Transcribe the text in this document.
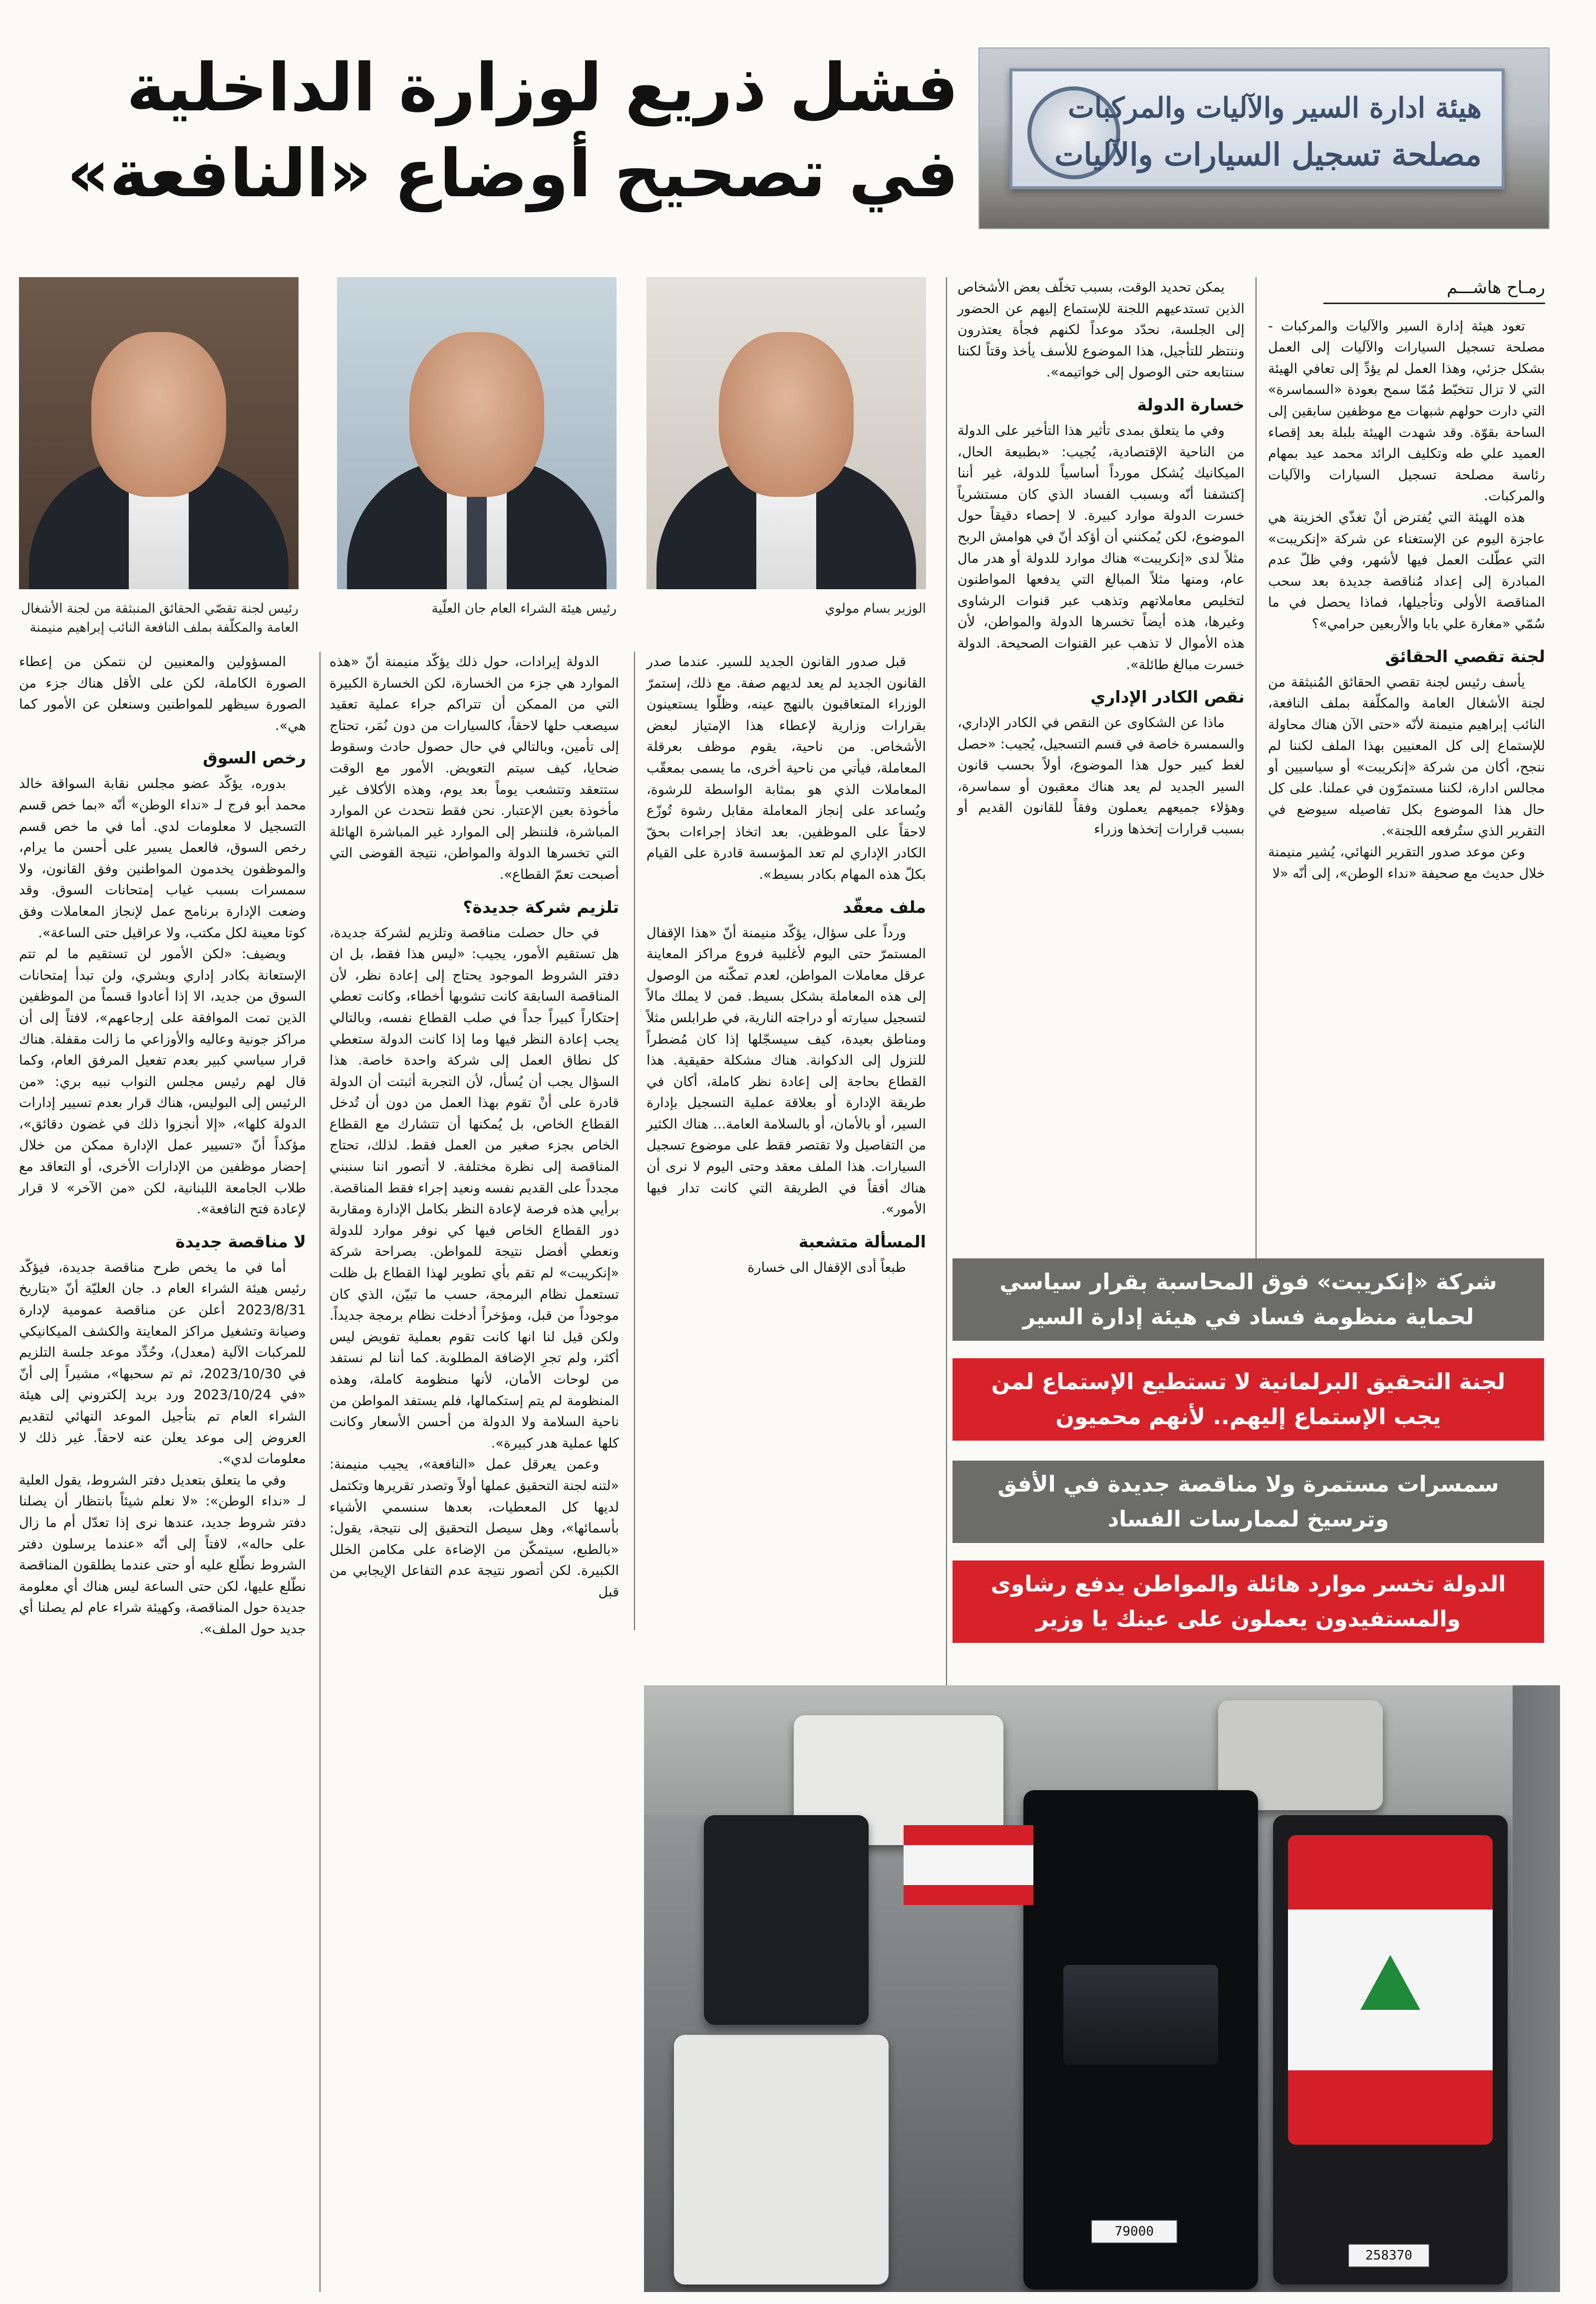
فشل ذريع لوزارة الداخلية
في تصحيح أوضاع «النافعة»
هيئة ادارة السير والآليات والمركبات
مصلحة تسجيل السيارات والآليات
رمـاح هاشـــم

تعود هيئة إدارة السير والآليات والمركبات - مصلحة تسجيل السيارات والآليات إلى العمل بشكل جزئي، وهذا العمل لم يؤدِّ إلى تعافي الهيئة التي لا تزال تتخبّط مُمّا سمح بعودة «السماسرة» التي دارت حولهم شبهات مع موظفين سابقين إلى الساحة بقوّة. وقد شهدت الهيئة بلبلة بعد إقصاء العميد علي طه وتكليف الرائد محمد عيد بمهام رئاسة مصلحة تسجيل السيارات والآليات والمركبات.

هذه الهيئة التي يُفترض أنْ تغذّي الخزينة هي عاجزة اليوم عن الإستغناء عن شركة «إنكريبت» التي عطّلت العمل فيها لأشهر، وفي ظلّ عدم المبادرة إلى إعداد مُناقصة جديدة بعد سحب المناقصة الأولى وتأجيلها، فماذا يحصل في ما سُمّي «مغارة علي بابا والأربعين حرامي»؟

لجنة تقصي الحقائق

يأسف رئيس لجنة تقصي الحقائق المُنبثقة من لجنة الأشغال العامة والمكلّفة بملف النافعة، النائب إبراهيم منيمنة لأنّه «حتى الآن هناك محاولة للإستماع إلى كل المعنيين بهذا الملف لكننا لم ننجح، أكان من شركة «إنكريبت» أو سياسيين أو مجالس ادارة، لكننا مستمرّون في عملنا. على كل حال هذا الموضوع بكل تفاصيله سيوضع في التقرير الذي ستُرفعه اللجنة».

وعن موعد صدور التقرير النهائي، يُشير منيمنة خلال حديث مع صحيفة «نداء الوطن»، إلى أنّه «لا

يمكن تحديد الوقت، بسبب تخلّف بعض الأشخاص الذين تستدعيهم اللجنة للإستماع إليهم عن الحضور إلى الجلسة، نحدّد موعداً لكنهم فجأة يعتذرون وننتظر للتأجيل، هذا الموضوع للأسف يأخذ وقتاً لكننا سنتابعه حتى الوصول إلى خواتيمه».

خسارة الدولة

وفي ما يتعلق بمدى تأثير هذا التأخير على الدولة من الناحية الإقتصادية، يُجيب: «بطبيعة الحال، الميكانيك يُشكل مورداً أساسياً للدولة، غير أننا إكتشفنا أنّه وبسبب الفساد الذي كان مستشرياً خسرت الدولة موارد كبيرة. لا إحصاء دقيقاً حول الموضوع، لكن يُمكنني أن أؤكد أنّ في هوامش الربح مثلاً لدى «إنكريبت» هناك موارد للدولة أو هدر مال عام، ومنها مثلاً المبالغ التي يدفعها المواطنون لتخليص معاملاتهم وتذهب عبر قنوات الرشاوى وغيرها، هذه أيضاً تخسرها الدولة والمواطن، لأن هذه الأموال لا تذهب عبر القنوات الصحيحة. الدولة خسرت مبالغ طائلة».

نقص الكادر الإداري

ماذا عن الشكاوى عن النقص في الكادر الإداري، والسمسرة خاصة في قسم التسجيل، يُجيب: «حصل لغط كبير حول هذا الموضوع، أولاً بحسب قانون السير الجديد لم يعد هناك معقبون أو سماسرة، وهؤلاء جميعهم يعملون وفقاً للقانون القديم أو بسبب قرارات إتخذها وزراء

الوزير بسام مولوي
رئيس هيئة الشراء العام جان العلّية
رئيس لجنة تقصّي الحقائق المنبثقة من لجنة الأشغال العامة والمكلّفة بملف النافعة النائب إبراهيم منيمنة

قبل صدور القانون الجديد للسير. عندما صدر القانون الجديد لم يعد لديهم صفة. مع ذلك، إستمرّ الوزراء المتعاقبون بالنهج عينه، وظلّوا يستعينون بقرارات وزارية لإعطاء هذا الإمتياز لبعض الأشخاص. من ناحية، يقوم موظف بعرقلة المعاملة، فيأتي من ناحية أخرى، ما يسمى بمعقّب المعاملات الذي هو بمثابة الواسطة للرشوة، ويُساعد على إنجاز المعاملة مقابل رشوة تُوزّع لاحقاً على الموظفين. بعد اتخاذ إجراءات بحقّ الكادر الإداري لم تعد المؤسسة قادرة على القيام بكلّ هذه المهام بكادر بسيط».

ملف معقّد

ورداً على سؤال، يؤكّد منيمنة أنّ «هذا الإقفال المستمرّ حتى اليوم لأغلبية فروع مراكز المعاينة عرقل معاملات المواطن، لعدم تمكّنه من الوصول إلى هذه المعاملة بشكل بسيط. فمن لا يملك مالاً لتسجيل سيارته أو دراجته النارية، في طرابلس مثلاً ومناطق بعيدة، كيف سيسجّلها إذا كان مُضطراً للنزول إلى الدكوانة. هناك مشكلة حقيقية. هذا القطاع بحاجة إلى إعادة نظر كاملة، أكان في طريقة الإدارة أو بعلاقة عملية التسجيل بإدارة السير، أو بالأمان، أو بالسلامة العامة... هناك الكثير من التفاصيل ولا تقتصر فقط على موضوع تسجيل السيارات. هذا الملف معقد وحتى اليوم لا نرى أن هناك أفقاً في الطريقة التي كانت تدار فيها الأمور».

المسألة متشعبة

طبعاً أدى الإقفال الى خسارة

الدولة إيرادات، حول ذلك يؤكّد منيمنة أنّ «هذه الموارد هي جزء من الخسارة، لكن الخسارة الكبيرة التي من الممكن أن تتراكم جراء عملية تعقيد سيصعب حلها لاحقاً، كالسيارات من دون نُمَر، تحتاج إلى تأمين، وبالتالي في حال حصول حادث وسقوط ضحايا، كيف سيتم التعويض. الأمور مع الوقت ستتعقد وتتشعب يوماً بعد يوم، وهذه الأكلاف غير مأخوذة بعين الإعتبار. نحن فقط نتحدث عن الموارد المباشرة، فلننظر إلى الموارد غير المباشرة الهائلة التي تخسرها الدولة والمواطن، نتيجة الفوضى التي أصبحت تعمّ القطاع».

تلزيم شركة جديدة؟

في حال حصلت مناقصة وتلزيم لشركة جديدة، هل تستقيم الأمور، يجيب: «ليس هذا فقط، بل ان دفتر الشروط الموجود يحتاج إلى إعادة نظر، لأن المناقصة السابقة كانت تشوبها أخطاء، وكانت تعطي إحتكاراً كبيراً جداً في صلب القطاع نفسه، وبالتالي يجب إعادة النظر فيها وما إذا كانت الدولة ستعطي كل نطاق العمل إلى شركة واحدة خاصة. هذا السؤال يجب أن يُسأل، لأن التجربة أثبتت أن الدولة قادرة على أنْ تقوم بهذا العمل من دون أن تُدخل القطاع الخاص، بل يُمكنها أن تتشارك مع القطاع الخاص بجزء صغير من العمل فقط. لذلك، تحتاج المناقصة إلى نظرة مختلفة. لا أتصور اننا سنبني مجدداً على القديم نفسه ونعيد إجراء فقط المناقصة. برأيي هذه فرصة لإعادة النظر بكامل الإدارة ومقاربة دور القطاع الخاص فيها كي نوفر موارد للدولة ونعطي أفضل نتيجة للمواطن. بصراحة شركة «إنكريبت» لم تقم بأي تطوير لهذا القطاع بل ظلت تستعمل نظام البرمجة، حسب ما تبيّن، الذي كان موجوداً من قبل، ومؤخراً أدخلت نظام برمجة جديداً. ولكن قيل لنا انها كانت تقوم بعملية تفويض ليس أكثر، ولم تجرِ الإضافة المطلوبة. كما أننا لم نستفد من لوحات الأمان، لأنها منظومة كاملة، وهذه المنظومة لم يتم إستكمالها، فلم يستفد المواطن من ناحية السلامة ولا الدولة من أحسن الأسعار وكانت كلها عملية هدر كبيرة».

وعمن يعرقل عمل «النافعة»، يجيب منيمنة: «لتنه لجنة التحقيق عملها أولاً وتصدر تقريرها وتكتمل لديها كل المعطيات، بعدها سنسمي الأشياء بأسمائها»، وهل سيصل التحقيق إلى نتيجة، يقول: «بالطبع، سيتمكّن من الإضاءة على مكامن الخلل الكبيرة. لكن أتصور نتيجة عدم التفاعل الإيجابي من قبل

المسؤولين والمعنيين لن نتمكن من إعطاء الصورة الكاملة، لكن على الأقل هناك جزء من الصورة سيظهر للمواطنين وسنعلن عن الأمور كما هي».

رخص السوق

بدوره، يؤكّد عضو مجلس نقابة السواقة خالد محمد أبو فرج لـ «نداء الوطن» أنّه «بما خص قسم التسجيل لا معلومات لدي. أما في ما خص قسم رخص السوق، فالعمل يسير على أحسن ما يرام، والموظفون يخدمون المواطنين وفق القانون، ولا سمسرات بسبب غياب إمتحانات السوق. وقد وضعت الإدارة برنامج عمل لإنجاز المعاملات وفق كوتا معينة لكل مكتب، ولا عراقيل حتى الساعة».

ويضيف: «لكن الأمور لن تستقيم ما لم تتم الإستعانة بكادر إداري وبشري، ولن تبدأ إمتحانات السوق من جديد، الا إذا أعادوا قسماً من الموظفين الذين تمت الموافقة على إرجاعهم»، لافتاً إلى أن مراكز جونية وعاليه والأوزاعي ما زالت مقفلة. هناك قرار سياسي كبير بعدم تفعيل المرفق العام، وكما قال لهم رئيس مجلس النواب نبيه بري: «من الرئيس إلى البوليس، هناك قرار بعدم تسيير إدارات الدولة كلها»، «إلا أنجزوا ذلك في غضون دقائق»، مؤكداً أنّ «تسيير عمل الإدارة ممكن من خلال إحضار موظفين من الإدارات الأخرى، أو التعاقد مع طلاب الجامعة اللبنانية، لكن «من الآخر» لا قرار لإعادة فتح النافعة».

لا مناقصة جديدة

أما في ما يخص طرح مناقصة جديدة، فيؤكّد رئيس هيئة الشراء العام د. جان العليّة أنّ «بتاريخ 2023/8/31 أعلن عن مناقصة عمومية لإدارة وصيانة وتشغيل مراكز المعاينة والكشف الميكانيكي للمركبات الآلية (معدل)، وحُدِّد موعد جلسة التلزيم في 2023/10/30، ثم تم سحبها»، مشيراً إلى أنّ «في 2023/10/24 ورد بريد إلكتروني إلى هيئة الشراء العام تم بتأجيل الموعد النهائي لتقديم العروض إلى موعد يعلن عنه لاحقاً. غير ذلك لا معلومات لدي».

وفي ما يتعلق بتعديل دفتر الشروط، يقول العلية لـ «نداء الوطن»: «لا نعلم شيئاً بانتظار أن يصلنا دفتر شروط جديد، عندها نرى إذا تعدّل أم ما زال على حاله»، لافتاً إلى أنّه «عندما يرسلون دفتر الشروط نطّلع عليه أو حتى عندما يطلقون المناقصة نطّلع عليها، لكن حتى الساعة ليس هناك أي معلومة جديدة حول المناقصة، وكهيئة شراء عام لم يصلنا أي جديد حول الملف».

شركة «إنكريبت» فوق المحاسبة بقرار سياسي لحماية منظومة فساد في هيئة إدارة السير
لجنة التحقيق البرلمانية لا تستطيع الإستماع لمن يجب الإستماع إليهم.. لأنهم محميون
سمسرات مستمرة ولا مناقصة جديدة في الأفق وترسيخ لممارسات الفساد
الدولة تخسر موارد هائلة والمواطن يدفع رشاوى والمستفيدون يعملون على عينك يا وزير
258370
79000
